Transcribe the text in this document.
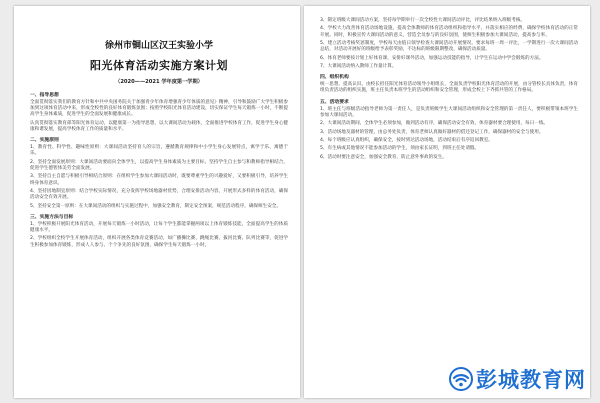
徐州市铜山区汉王实验小学
阳光体育活动实施方案计划
（2020——2021 学年度第一学期）
一、指导思想

全面贯彻落实我们的教育方针和中共中央国务院关于加强青少年体育增强青少年体质的意见》精神，引导和鼓励广大学生积极参加到这项体育活动中来，形成全校性的良好体育锻炼氛围；按照学校阳光体育活动建设，切实保证学生每天锻炼一小时，不断提高学生身体素质，促进学生的全面发展和健康成长。

认真贯彻落实教育部等阳光体育运动，以健康第一为指导思想，以大课间活动为载体，全面推进学校体育工作，促进学生身心健康和谐发展，提高学校体育工作的质量和水平。

二、实施原则

1、教育性、科学性、趣味性原则：大课间活动坚持育人的宗旨，遵循教育规律和中小学生身心发展特点，寓学于乐、寓德于乐。

2、坚持全面发展原则：大课间活动要面向全体学生，以提高学生身体素质为主要目标，坚持学生自主参与和教师指导相结合，促进学生德智体美劳全面发展。

3、坚持自主自愿与积极引导相结合原则：在组织学生参加大课间活动时，既要尊重学生的兴趣爱好，又要积极引导，培养学生终身体育意识。

4、坚持因地制宜原则：结合学校实际情况，充分发挥学校场地器材优势，合理安排活动内容，开展形式多样的体育活动，确保活动安全有效开展。

5、坚持安全第一原则：在大课间活动的组织与实施过程中，加强安全教育，制定安全预案，规范活动程序，确保师生安全。

三、实施方法与目标

1、学校积极开展阳光体育活动，开展每天锻炼一小时活动，让每个学生都能掌握两项以上体育锻炼技能，全面提高学生的体质健康水平。

2、学校组织全校学生开展体育活动，组织开展各类体育竞赛活动，如广播操比赛、跳绳比赛、拔河比赛、队列比赛等，促进学生积极参加体育锻炼，形成人人参与、个个争先的良好氛围，确保学生每天锻炼一小时。

3、制定班级大课间活动方案，坚持每学期举行一次全校性大课间活动评比，评比结果纳入班级考核。

4、学校大力改善体育活动场地设施，提高全体教师的体育活动组织和指导水平，并落实相应的经费，确保学校体育活动的正常开展。同时，积极宣传大课间活动的意义，营造全员参与的良好氛围，使师生积极参加大课间活动，提高参与率。

5、建立活动考核奖惩制度，学校每天由值日领导检查大课间活动开展情况，要求每班一周一评比，一学期进行一次大课间活动总结，对活动开展好的班级给予表彰奖励，不达标的班级限期整改，确保活动质量。

6、体育老师要按计划上好体育课，安排好课外活动，加强运动技能的指导，让学生在运动中学会锻炼的方法。

7、大课间活动纳入教师工作量计算。

四、组织机构

统一思想，提高认识，由校长担任阳光体育活动领导小组组长，全面负责学校阳光体育活动的开展，由分管校长具体负责，体育组负责活动的组织实施，班主任负责本班学生的活动组织和安全管理，形成全校上下齐抓共管的工作格局。

五、活动要求

1、班主任与班级活动指导老师为第一责任人，是负责班级学生大课间活动组织和安全管理的第一责任人，要积极带领本班学生参加大课间活动。

2、大课间活动期间，全体学生必须参加，做到活动有序，确保活动安全有效，体育器材要合理使用，每日一练。

3、活动场地及器材的管理，由总务处负责，体育老师认真做好器材的借还登记工作，确保器材的安全与使用。

4、每个班级应认真组织，确保安全，按时到达活动场地，活动结束后有序返回教室。

5、有生病或其他情况不能参加活动的学生，须由家长证明，到班主任处请假。

6、活动时要注意安全，加强安全教育，防止意外事故的发生。

彭城教育网
